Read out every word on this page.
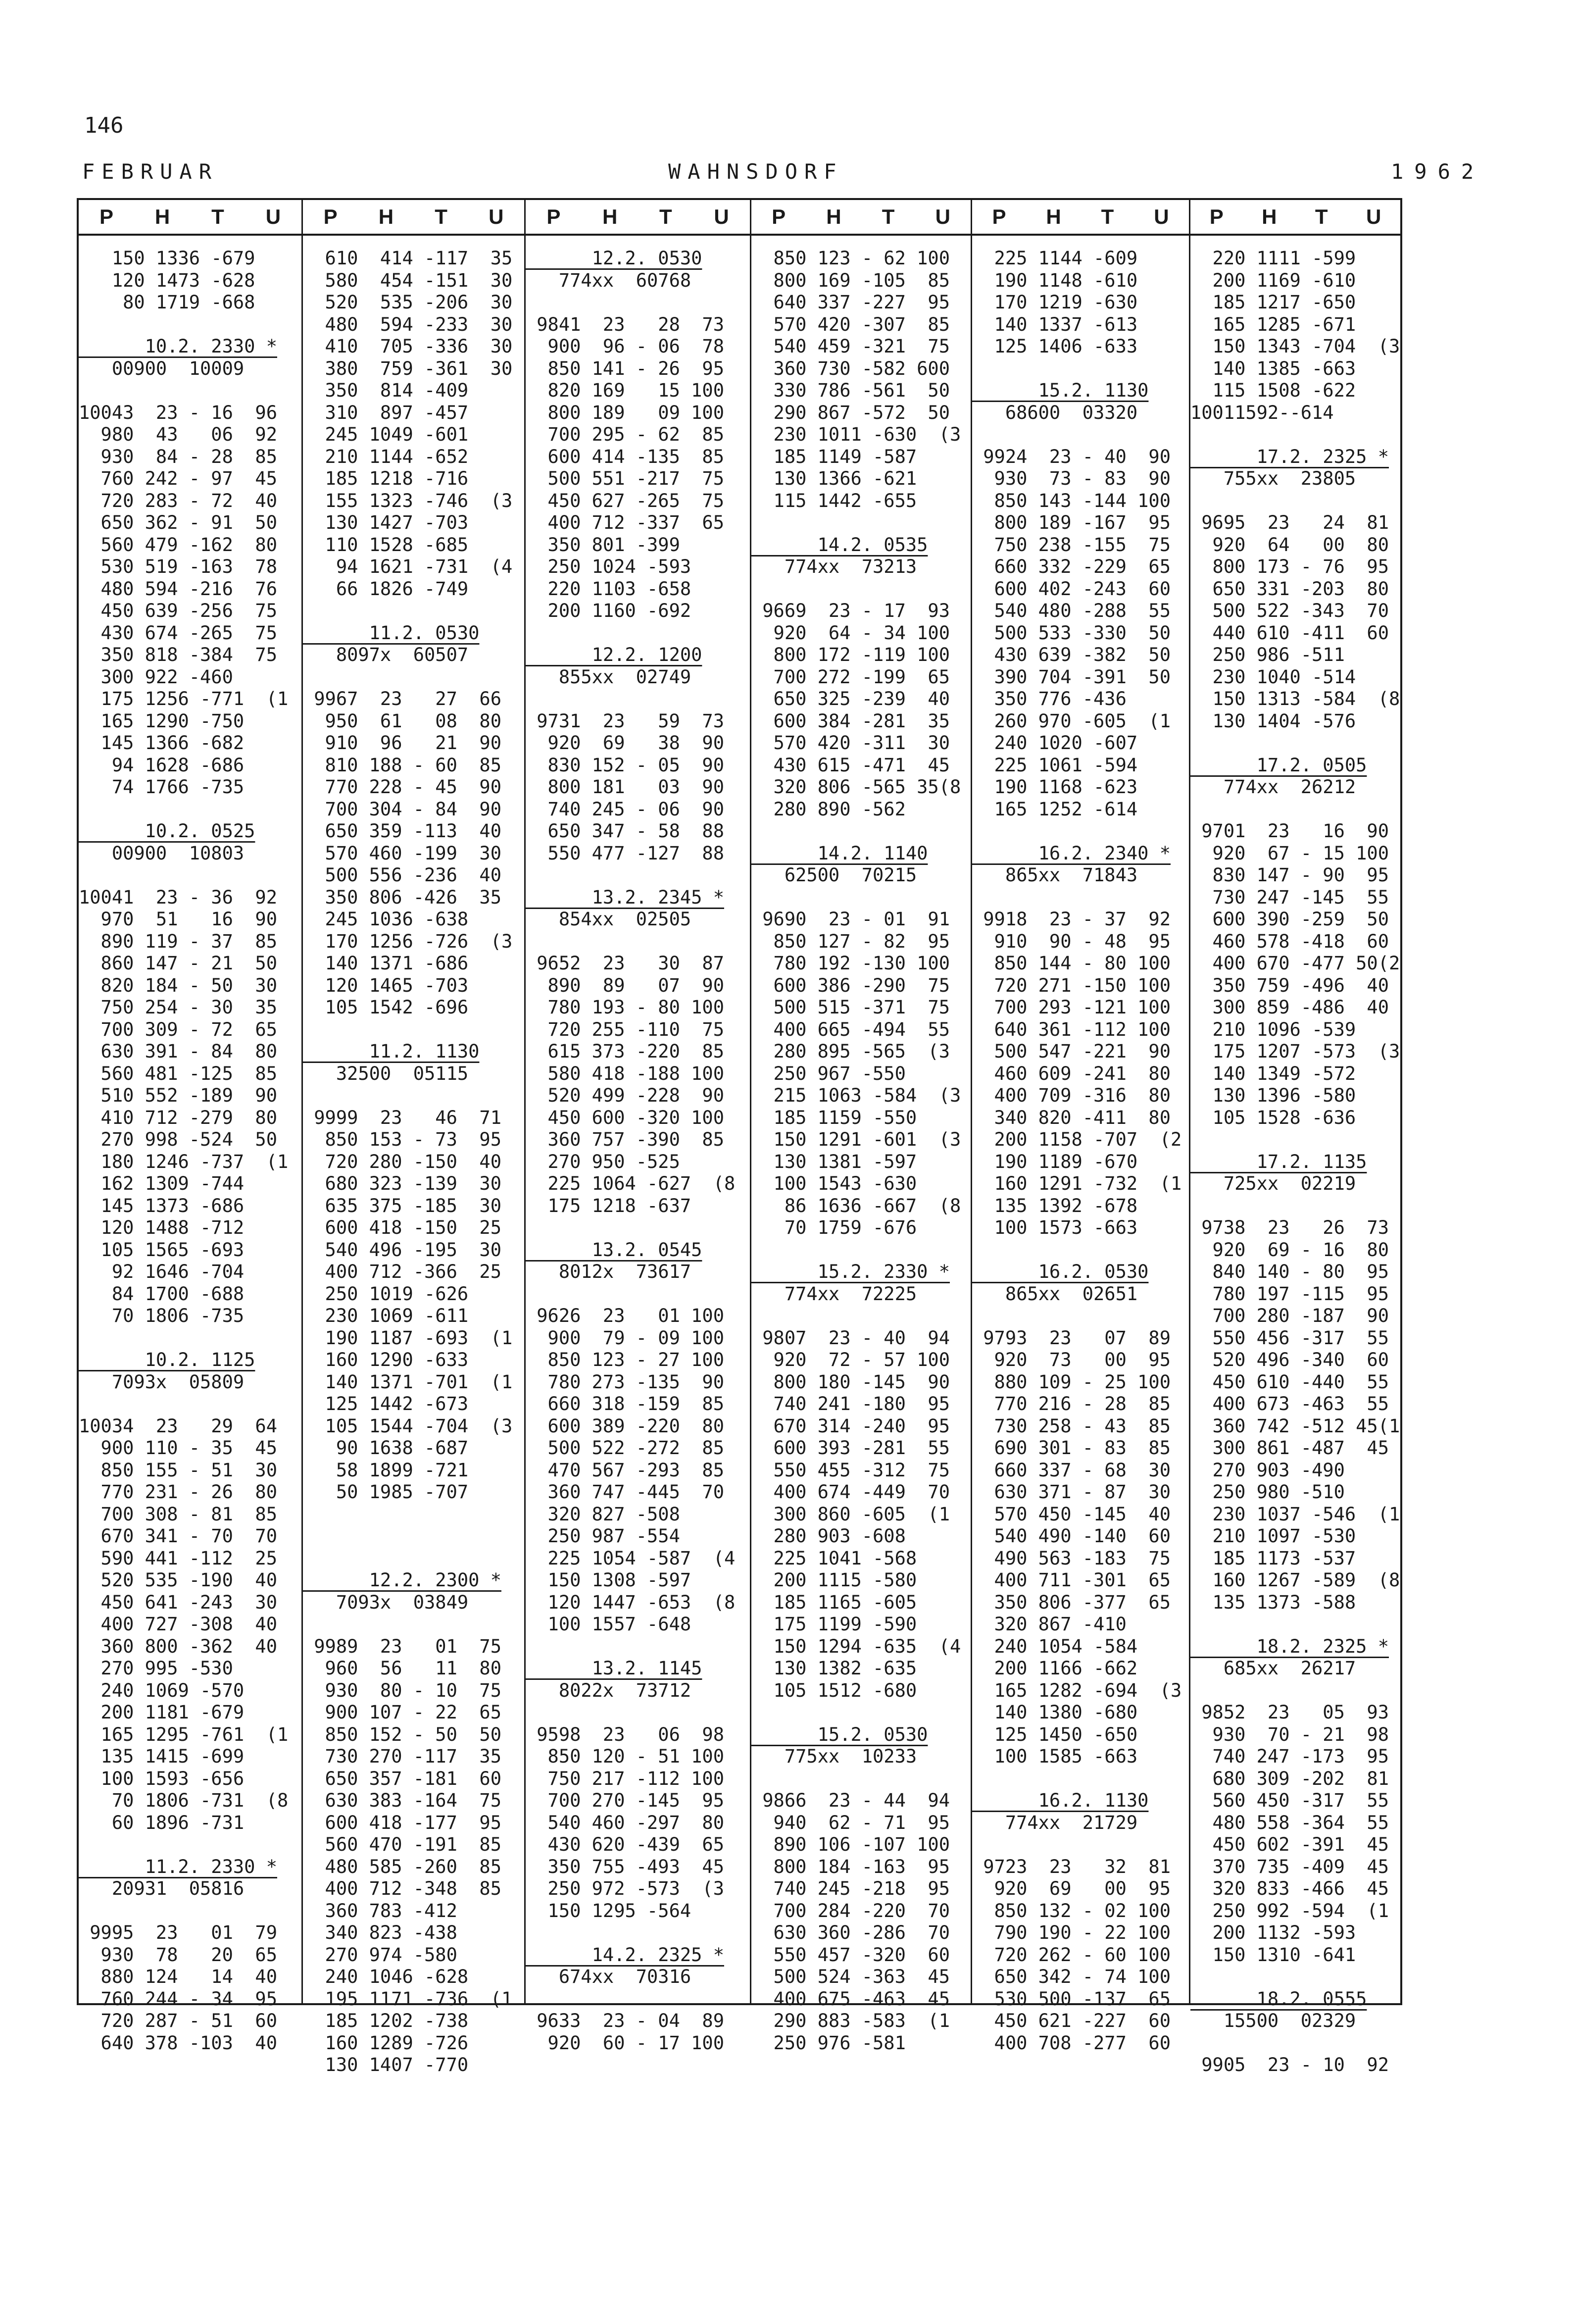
146
FEBRUAR	WAHNSDORF	1962
P H T U
150 1336 -679
120 1473 -628
80 1719 -668
10.2. 2330 *
00900  10009
10043  23 - 16  96
980  43   06  92
930  84 - 28  85
760 242 - 97  45
720 283 - 72  40
650 362 - 91  50
560 479 -162  80
530 519 -163  78
480 594 -216  76
450 639 -256  75
430 674 -265  75
350 818 -384  75
300 922 -460
175 1256 -771  (1
165 1290 -750
145 1366 -682
94 1628 -686
74 1766 -735
10.2. 0525
00900  10803
10041  23 - 36  92
970  51   16  90
890 119 - 37  85
860 147 - 21  50
820 184 - 50  30
750 254 - 30  35
700 309 - 72  65
630 391 - 84  80
560 481 -125  85
510 552 -189  90
410 712 -279  80
270 998 -524  50
180 1246 -737  (1
162 1309 -744
145 1373 -686
120 1488 -712
105 1565 -693
92 1646 -704
84 1700 -688
70 1806 -735
10.2. 1125
7093x  05809
10034  23   29  64
900 110 - 35  45
850 155 - 51  30
770 231 - 26  80
700 308 - 81  85
670 341 - 70  70
590 441 -112  25
520 535 -190  40
450 641 -243  30
400 727 -308  40
360 800 -362  40
270 995 -530
240 1069 -570
200 1181 -679
165 1295 -761  (1
135 1415 -699
100 1593 -656
70 1806 -731  (8
60 1896 -731
11.2. 2330 *
20931  05816
9995  23   01  79
930  78   20  65
880 124   14  40
760 244 - 34  95
720 287 - 51  60
640 378 -103  40
P H T U
610  414 -117  35
580  454 -151  30
520  535 -206  30
480  594 -233  30
410  705 -336  30
380  759 -361  30
350  814 -409
310  897 -457
245 1049 -601
210 1144 -652
185 1218 -716
155 1323 -746  (3
130 1427 -703
110 1528 -685
94 1621 -731  (4
66 1826 -749
11.2. 0530
8097x  60507
9967  23   27  66
950  61   08  80
910  96   21  90
810 188 - 60  85
770 228 - 45  90
700 304 - 84  90
650 359 -113  40
570 460 -199  30
500 556 -236  40
350 806 -426  35
245 1036 -638
170 1256 -726  (3
140 1371 -686
120 1465 -703
105 1542 -696
11.2. 1130
32500  05115
9999  23   46  71
850 153 - 73  95
720 280 -150  40
680 323 -139  30
635 375 -185  30
600 418 -150  25
540 496 -195  30
400 712 -366  25
250 1019 -626
230 1069 -611
190 1187 -693  (1
160 1290 -633
140 1371 -701  (1
125 1442 -673
105 1544 -704  (3
90 1638 -687
58 1899 -721
50 1985 -707
12.2. 2300 *
7093x  03849
9989  23   01  75
960  56   11  80
930  80 - 10  75
900 107 - 22  65
850 152 - 50  50
730 270 -117  35
650 357 -181  60
630 383 -164  75
600 418 -177  95
560 470 -191  85
480 585 -260  85
400 712 -348  85
360 783 -412
340 823 -438
270 974 -580
240 1046 -628
195 1171 -736  (1
185 1202 -738
160 1289 -726
130 1407 -770
P H T U
12.2. 0530
774xx  60768
9841  23   28  73
900  96 - 06  78
850 141 - 26  95
820 169   15 100
800 189   09 100
700 295 - 62  85
600 414 -135  85
500 551 -217  75
450 627 -265  75
400 712 -337  65
350 801 -399
250 1024 -593
220 1103 -658
200 1160 -692
12.2. 1200
855xx  02749
9731  23   59  73
920  69   38  90
830 152 - 05  90
800 181   03  90
740 245 - 06  90
650 347 - 58  88
550 477 -127  88
13.2. 2345 *
854xx  02505
9652  23   30  87
890  89   07  90
780 193 - 80 100
720 255 -110  75
615 373 -220  85
580 418 -188 100
520 499 -228  90
450 600 -320 100
360 757 -390  85
270 950 -525
225 1064 -627  (8
175 1218 -637
13.2. 0545
8012x  73617
9626  23   01 100
900  79 - 09 100
850 123 - 27 100
780 273 -135  90
660 318 -159  85
600 389 -220  80
500 522 -272  85
470 567 -293  85
360 747 -445  70
320 827 -508
250 987 -554
225 1054 -587  (4
150 1308 -597
120 1447 -653  (8
100 1557 -648
13.2. 1145
8022x  73712
9598  23   06  98
850 120 - 51 100
750 217 -112 100
700 270 -145  95
540 460 -297  80
430 620 -439  65
350 755 -493  45
250 972 -573  (3
150 1295 -564
14.2. 2325 *
674xx  70316
9633  23 - 04  89
920  60 - 17 100
P H T U
850 123 - 62 100
800 169 -105  85
640 337 -227  95
570 420 -307  85
540 459 -321  75
360 730 -582 600
330 786 -561  50
290 867 -572  50
230 1011 -630  (3
185 1149 -587
130 1366 -621
115 1442 -655
14.2. 0535
774xx  73213
9669  23 - 17  93
920  64 - 34 100
800 172 -119 100
700 272 -199  65
650 325 -239  40
600 384 -281  35
570 420 -311  30
430 615 -471  45
320 806 -565 35(8
280 890 -562
14.2. 1140
62500  70215
9690  23 - 01  91
850 127 - 82  95
780 192 -130 100
600 386 -290  75
500 515 -371  75
400 665 -494  55
280 895 -565  (3
250 967 -550
215 1063 -584  (3
185 1159 -550
150 1291 -601  (3
130 1381 -597
100 1543 -630
86 1636 -667  (8
70 1759 -676
15.2. 2330 *
774xx  72225
9807  23 - 40  94
920  72 - 57 100
800 180 -145  90
740 241 -180  95
670 314 -240  95
600 393 -281  55
550 455 -312  75
400 674 -449  70
300 860 -605  (1
280 903 -608
225 1041 -568
200 1115 -580
185 1165 -605
175 1199 -590
150 1294 -635  (4
130 1382 -635
105 1512 -680
15.2. 0530
775xx  10233
9866  23 - 44  94
940  62 - 71  95
890 106 -107 100
800 184 -163  95
740 245 -218  95
700 284 -220  70
630 360 -286  70
550 457 -320  60
500 524 -363  45
400 675 -463  45
290 883 -583  (1
250 976 -581
P H T U
225 1144 -609
190 1148 -610
170 1219 -630
140 1337 -613
125 1406 -633
15.2. 1130
68600  03320
9924  23 - 40  90
930  73 - 83  90
850 143 -144 100
800 189 -167  95
750 238 -155  75
660 332 -229  65
600 402 -243  60
540 480 -288  55
500 533 -330  50
430 639 -382  50
390 704 -391  50
350 776 -436
260 970 -605  (1
240 1020 -607
225 1061 -594
190 1168 -623
165 1252 -614
16.2. 2340 *
865xx  71843
9918  23 - 37  92
910  90 - 48  95
850 144 - 80 100
720 271 -150 100
700 293 -121 100
640 361 -112 100
500 547 -221  90
460 609 -241  80
400 709 -316  80
340 820 -411  80
200 1158 -707  (2
190 1189 -670
160 1291 -732  (1
135 1392 -678
100 1573 -663
16.2. 0530
865xx  02651
9793  23   07  89
920  73   00  95
880 109 - 25 100
770 216 - 28  85
730 258 - 43  85
690 301 - 83  85
660 337 - 68  30
630 371 - 87  30
570 450 -145  40
540 490 -140  60
490 563 -183  75
400 711 -301  65
350 806 -377  65
320 867 -410
240 1054 -584
200 1166 -662
165 1282 -694  (3
140 1380 -680
125 1450 -650
100 1585 -663
16.2. 1130
774xx  21729
9723  23   32  81
920  69   00  95
850 132 - 02 100
790 190 - 22 100
720 262 - 60 100
650 342 - 74 100
530 500 -137  65
450 621 -227  60
400 708 -277  60
P H T U
220 1111 -599
200 1169 -610
185 1217 -650
165 1285 -671
150 1343 -704  (3
140 1385 -663
115 1508 -622
10011592--614
17.2. 2325 *
755xx  23805
9695  23   24  81
920  64   00  80
800 173 - 76  95
650 331 -203  80
500 522 -343  70
440 610 -411  60
250 986 -511
230 1040 -514
150 1313 -584  (8
130 1404 -576
17.2. 0505
774xx  26212
9701  23   16  90
920  67 - 15 100
830 147 - 90  95
730 247 -145  55
600 390 -259  50
460 578 -418  60
400 670 -477 50(2
350 759 -496  40
300 859 -486  40
210 1096 -539
175 1207 -573  (3
140 1349 -572
130 1396 -580
105 1528 -636
17.2. 1135
725xx  02219
9738  23   26  73
920  69 - 16  80
840 140 - 80  95
780 197 -115  95
700 280 -187  90
550 456 -317  55
520 496 -340  60
450 610 -440  55
400 673 -463  55
360 742 -512 45(1
300 861 -487  45
270 903 -490
250 980 -510
230 1037 -546  (1
210 1097 -530
185 1173 -537
160 1267 -589  (8
135 1373 -588
18.2. 2325 *
685xx  26217
9852  23   05  93
930  70 - 21  98
740 247 -173  95
680 309 -202  81
560 450 -317  55
480 558 -364  55
450 602 -391  45
370 735 -409  45
320 833 -466  45
250 992 -594  (1
200 1132 -593
150 1310 -641
18.2. 0555
15500  02329
9905  23 - 10  92
